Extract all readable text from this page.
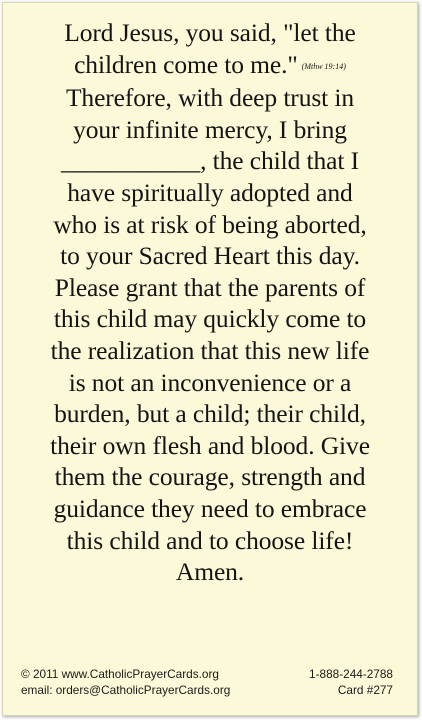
Lord Jesus, you said, "let the
children come to me." (Mthw 19:14)
Therefore, with deep trust in
your infinite mercy, I bring
___________, the child that I
have spiritually adopted and
who is at risk of being aborted,
to your Sacred Heart this day.
Please grant that the parents of
this child may quickly come to
the realization that this new life
is not an inconvenience or a
burden, but a child; their child,
their own flesh and blood. Give
them the courage, strength and
guidance they need to embrace
this child and to choose life!
Amen.
© 2011 www.CatholicPrayerCards.org	1-888-244-2788
email: orders@CatholicPrayerCards.org	Card #277
